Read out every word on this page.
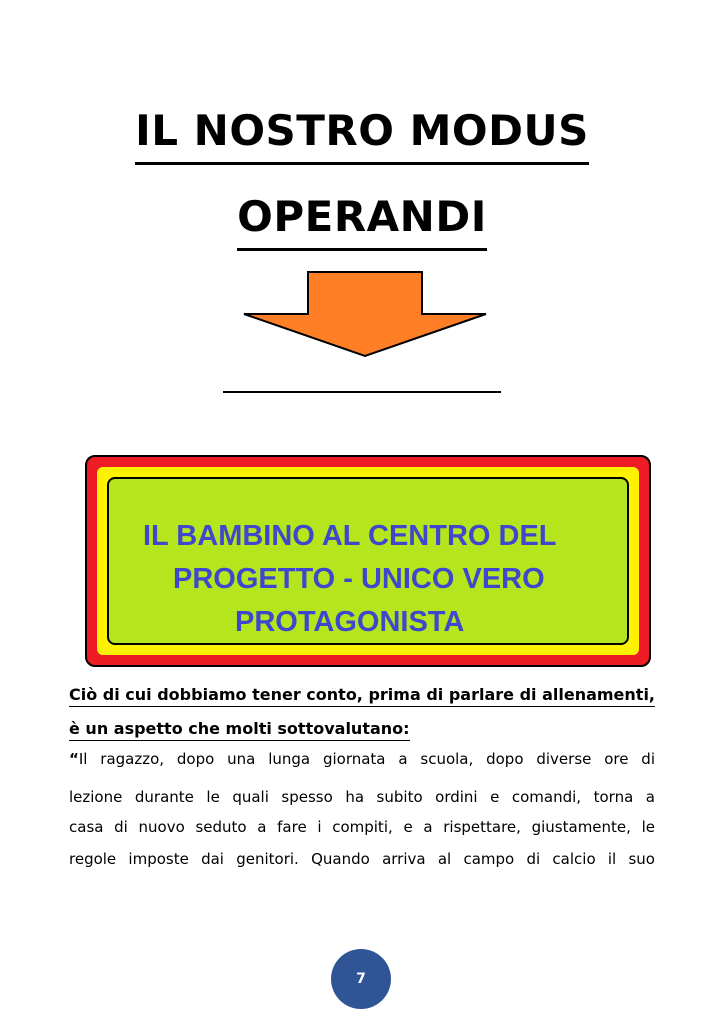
IL NOSTRO MODUS
OPERANDI
IL BAMBINO AL CENTRO DEL
PROGETTO - UNICO VERO
PROTAGONISTA
Ciò di cui dobbiamo tener conto, prima di parlare di allenamenti,
è un aspetto che molti sottovalutano:
“Il ragazzo, dopo una lunga giornata a scuola, dopo diverse ore di
lezione durante le quali spesso ha subito ordini e comandi, torna a
casa di nuovo seduto a fare i compiti, e a rispettare, giustamente, le
regole imposte dai genitori. Quando arriva al campo di calcio il suo
7
